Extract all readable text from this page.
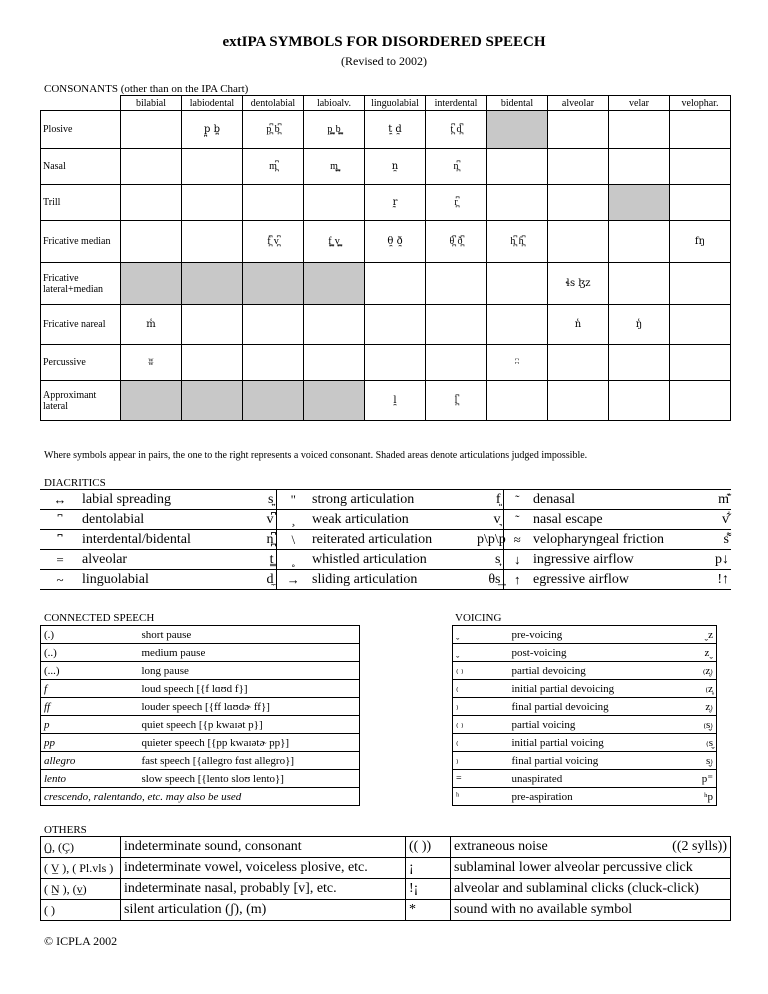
extIPA SYMBOLS FOR DISORDERED SPEECH
(Revised to 2002)
CONSONANTS (other than on the IPA Chart)
	bilabial	labiodental	dentolabial	labioalv.	linguolabial	interdental	bidental	alveolar	velar	velophar.
Plosive		p̪ b̪	p̪͆ b̪͆	p̪͇ b̪͇	t̼ d̼	t̪͆ d̪͆				
Nasal			m̪͆	m̪͇	n̼	n̪͆				
Trill					r̼	r̪͆				
Fricative median			f̪͆ v̪͆	f̪͇ v̪͇	θ̼ ð̼	θ̪͆ ð̪͆	h̪͆ ɦ̪͆			fŋ
Fricative lateral+median								ɬs ɮz		
Fricative nareal	m̾							n̾	ŋ̾	
Percussive	ʬ						ʭ			
Approximant lateral					l̼	l̪͆				
Where symbols appear in pairs, the one to the right represents a voiced consonant. Shaded areas denote articulations judged impossible.
DIACRITICS
↔	labial spreading	s͍	"	strong articulation	f͈	˜	denasal	m͊
	dentolabial	v͆	¸	weak articulation	v͉	˜	nasal escape	v͋
	interdental/bidental	n̪͆	\	reiterated articulation	p\p\p	≈	velopharyngeal friction	s͌
=	alveolar	t͇	˳	whistled articulation	s͎	↓	ingressive airflow	p↓
~	linguolabial	d̼	→	sliding articulation	θs͢	↑	egressive airflow	!↑
CONNECTED SPEECH
(.)	short pause
(..)	medium pause
(...)	long pause
f	loud speech [{f lɑʊd f}]
ff	louder speech [{ff lɑʊdɚ ff}]
p	quiet speech [{p kwaɪət p}]
pp	quieter speech [{pp kwaɪətɚ pp}]
allegro	fast speech [{allegro fɑst allegro}]
lento	slow speech [{lento sloʊ lento}]
crescendo, ralentando, etc. may also be used	
VOICING
ˬ	pre-voicing	ˬz
ˬ	post-voicing	zˬ
₍ ₎	partial devoicing	₍z̥₎
₍	initial partial devoicing	₍z̥
₎	final partial devoicing	z̥₎
₍ ₎	partial voicing	₍s̬₎
₍	initial partial voicing	₍s̬
₎	final partial voicing	s̬₎
=	unaspirated	p⁼
ʰ	pre-aspiration	ʰp
OTHERS
(̲), (Ç)	indeterminate sound, consonant	(( ))	extraneous noise ((2 sylls))

( V̲ ), ( Pl.vls )	indeterminate vowel, voiceless plosive, etc.	¡	sublaminal lower alveolar percussive click
( N̲ ), (v̲)	indeterminate nasal, probably [v], etc.	!¡	alveolar and sublaminal clicks (cluck-click)
( )	silent articulation (ʃ), (m)	*	sound with no available symbol
© ICPLA 2002
